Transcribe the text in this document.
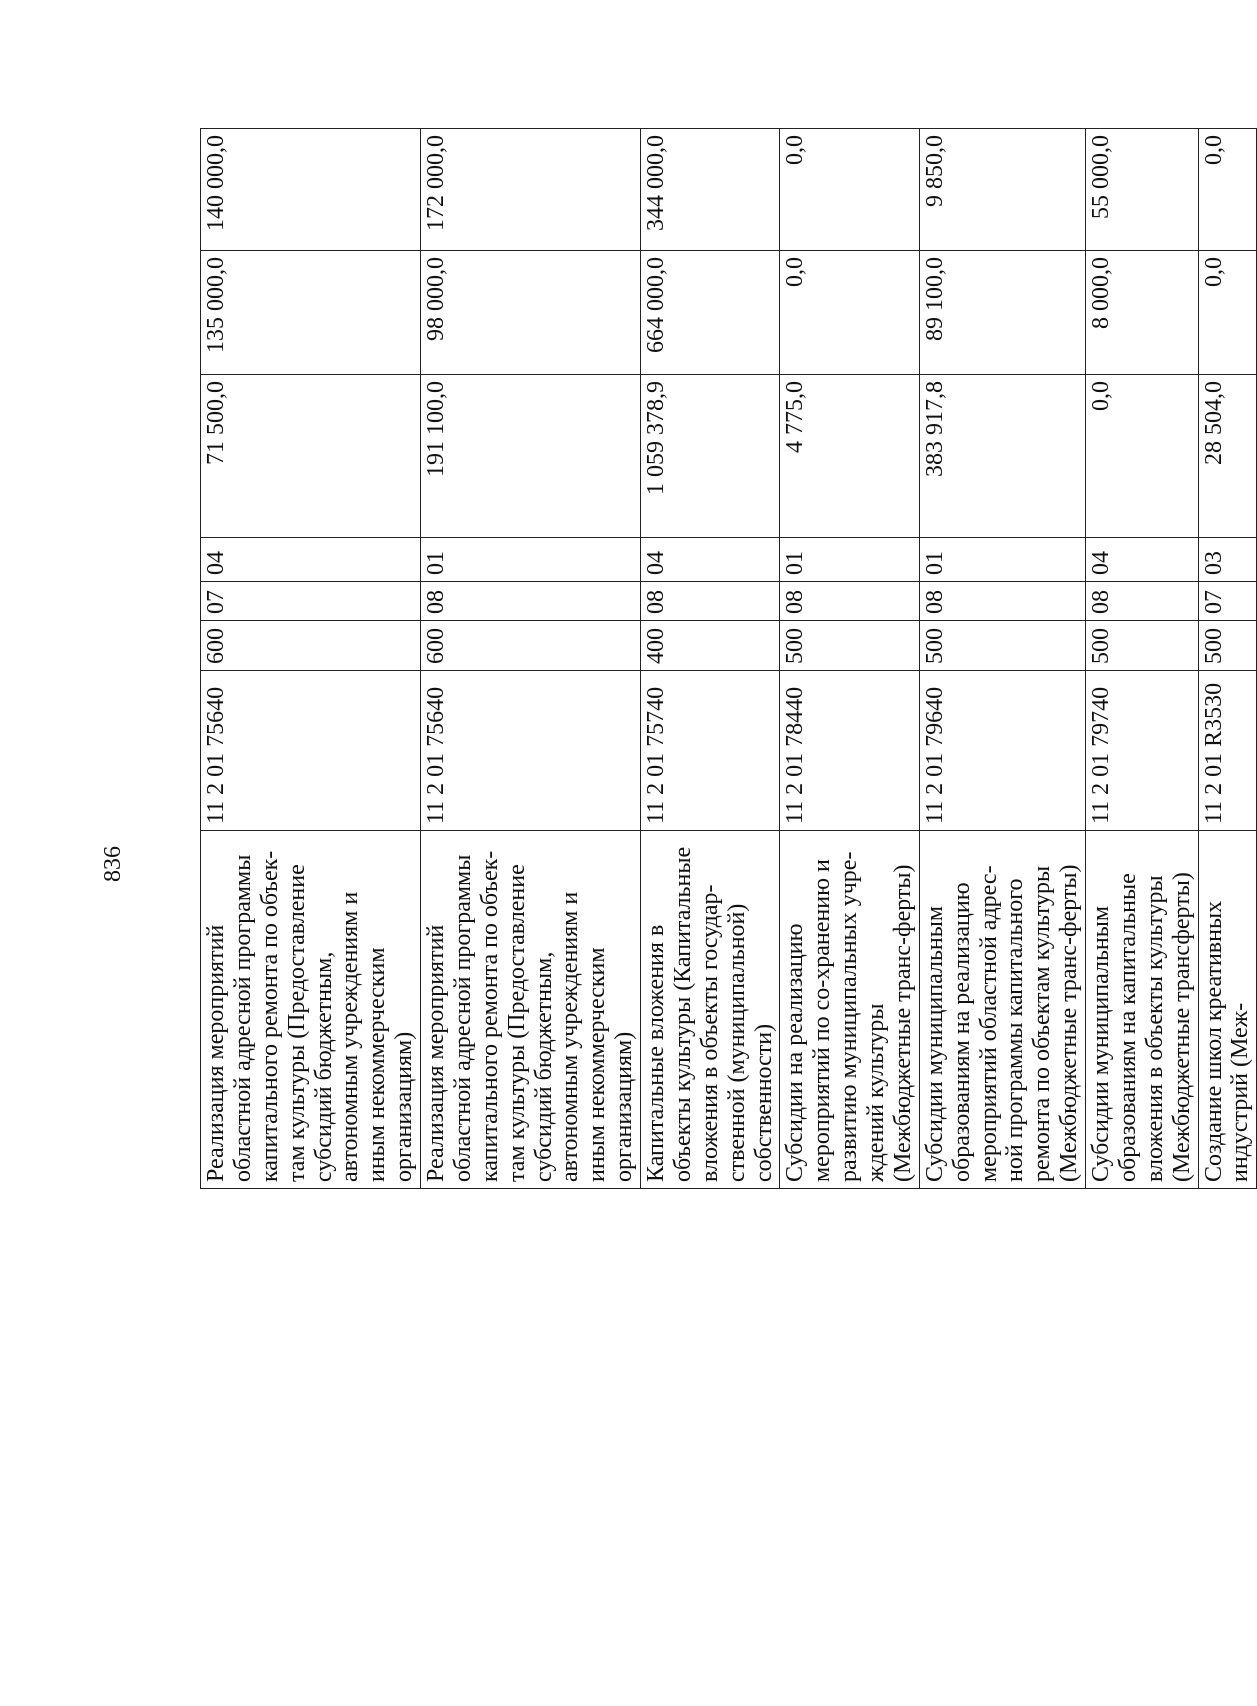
836
Реализация мероприятий областной адресной программы капитального ремонта по объек-там культуры (Предоставление субсидий бюджетным, автономным учреждениям и иным некоммерческим организациям)	11 2 01 75640	600	07	04	71 500,0	135 000,0	140 000,0
Реализация мероприятий областной адресной программы капитального ремонта по объек-там культуры (Предоставление субсидий бюджетным, автономным учреждениям и иным некоммерческим организациям)	11 2 01 75640	600	08	01	191 100,0	98 000,0	172 000,0
Капитальные вложения в объекты культуры (Капитальные вложения в объекты государ-ственной (муниципальной) собственности)	11 2 01 75740	400	08	04	1 059 378,9	664 000,0	344 000,0
Субсидии на реализацию мероприятий по со-хранению и развитию муниципальных учре-ждений культуры (Межбюджетные транс-ферты)	11 2 01 78440	500	08	01	4 775,0	0,0	0,0
Субсидии муниципальным образованиям на реализацию мероприятий областной адрес-ной программы капитального ремонта по объектам культуры (Межбюджетные транс-ферты)	11 2 01 79640	500	08	01	383 917,8	89 100,0	9 850,0
Субсидии муниципальным образованиям на капитальные вложения в объекты культуры (Межбюджетные трансферты)	11 2 01 79740	500	08	04	0,0	8 000,0	55 000,0
Создание школ креативных индустрий (Меж-	11 2 01 R3530	500	07	03	28 504,0	0,0	0,0
